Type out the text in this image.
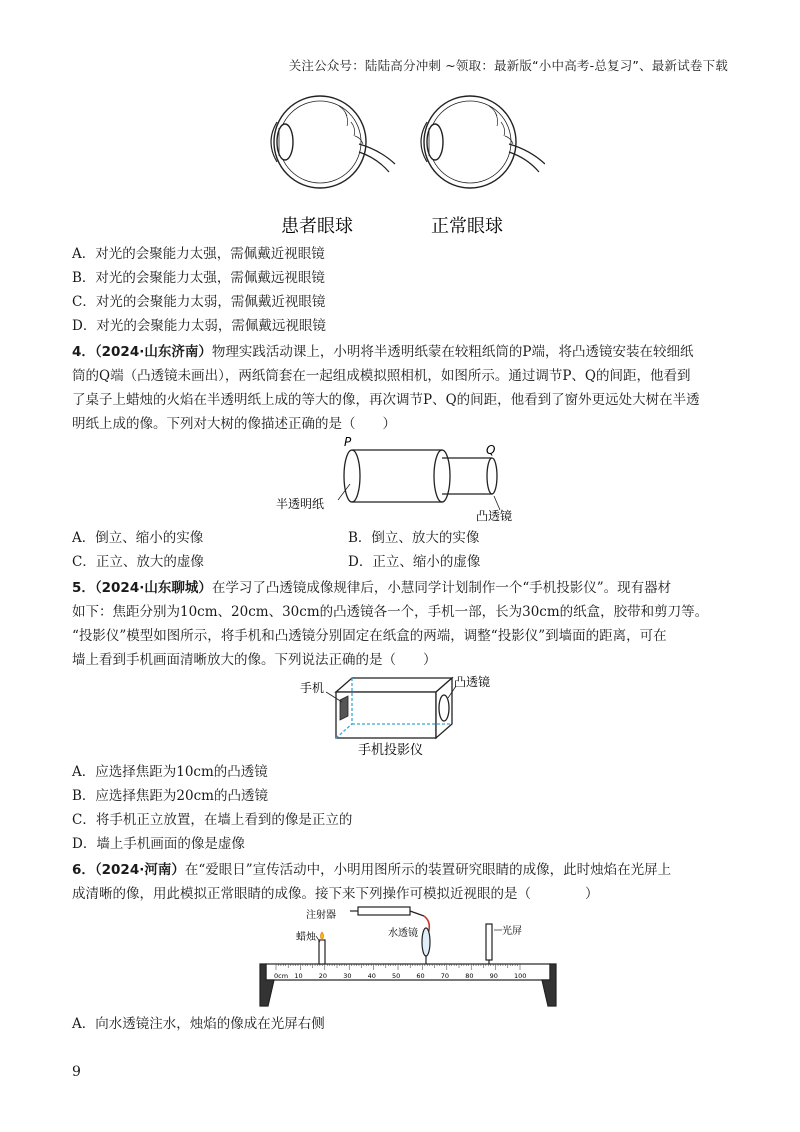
关注公众号：陆陆高分冲刺 ~领取：最新版“小中高考-总复习”、最新试卷下载
患者眼球	正常眼球
A．对光的会聚能力太强，需佩戴近视眼镜
B．对光的会聚能力太强，需佩戴远视眼镜
C．对光的会聚能力太弱，需佩戴近视眼镜
D．对光的会聚能力太弱，需佩戴远视眼镜
4．（2024·山东济南）物理实践活动课上，小明将半透明纸蒙在较粗纸筒的P端，将凸透镜安装在较细纸
筒的Q端（凸透镜未画出），两纸筒套在一起组成模拟照相机，如图所示。通过调节P、Q的间距，他看到
了桌子上蜡烛的火焰在半透明纸上成的等大的像，再次调节P、Q的间距，他看到了窗外更远处大树在半透
明纸上成的像。下列对大树的像描述正确的是（　　）
P
Q
半透明纸
凸透镜
A．倒立、缩小的实像	B．倒立、放大的实像
C．正立、放大的虚像	D．正立、缩小的虚像
5．（2024·山东聊城）在学习了凸透镜成像规律后，小慧同学计划制作一个“手机投影仪”。现有器材
如下：焦距分别为10cm、20cm、30cm的凸透镜各一个，手机一部，长为30cm的纸盒，胶带和剪刀等。
“投影仪”模型如图所示，将手机和凸透镜分别固定在纸盒的两端，调整“投影仪”到墙面的距离，可在
墙上看到手机画面清晰放大的像。下列说法正确的是（　　）
手机	凸透镜
手机投影仪
A．应选择焦距为10cm的凸透镜
B．应选择焦距为20cm的凸透镜
C．将手机正立放置，在墙上看到的像是正立的
D．墙上手机画面的像是虚像
6．（2024·河南）在“爱眼日”宣传活动中，小明用图所示的装置研究眼睛的成像，此时烛焰在光屏上
成清晰的像，用此模拟正常眼睛的成像。接下来下列操作可模拟近视眼的是（　　　　）
0cm 10 20 30 40 50 60 70 80 90 100
注射器
蜡烛	水透镜	光屏
A．向水透镜注水，烛焰的像成在光屏右侧
9
